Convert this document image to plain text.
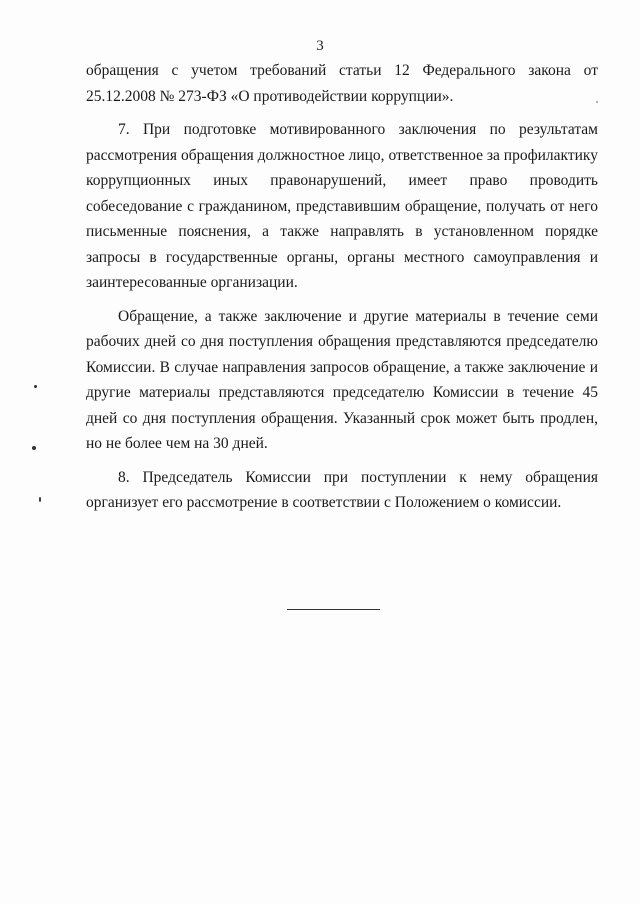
3

обращения с учетом требований статьи 12 Федерального закона от 25.12.2008 № 273-ФЗ «О противодействии коррупции».

7. При подготовке мотивированного заключения по результатам рассмотрения обращения должностное лицо, ответственное за профилактику коррупционных иных правонарушений, имеет право проводить собеседование с гражданином, представившим обращение, получать от него письменные пояснения, а также направлять в установленном порядке запросы в государственные органы, органы местного самоуправления и заинтересованные организации.

Обращение, а также заключение и другие материалы в течение семи рабочих дней со дня поступления обращения представляются председателю Комиссии. В случае направления запросов обращение, а также заключение и другие материалы представляются председателю Комиссии в течение 45 дней со дня поступления обращения. Указанный срок может быть продлен, но не более чем на 30 дней.

8. Председатель Комиссии при поступлении к нему обращения организует его рассмотрение в соответствии с Положением о комиссии.
